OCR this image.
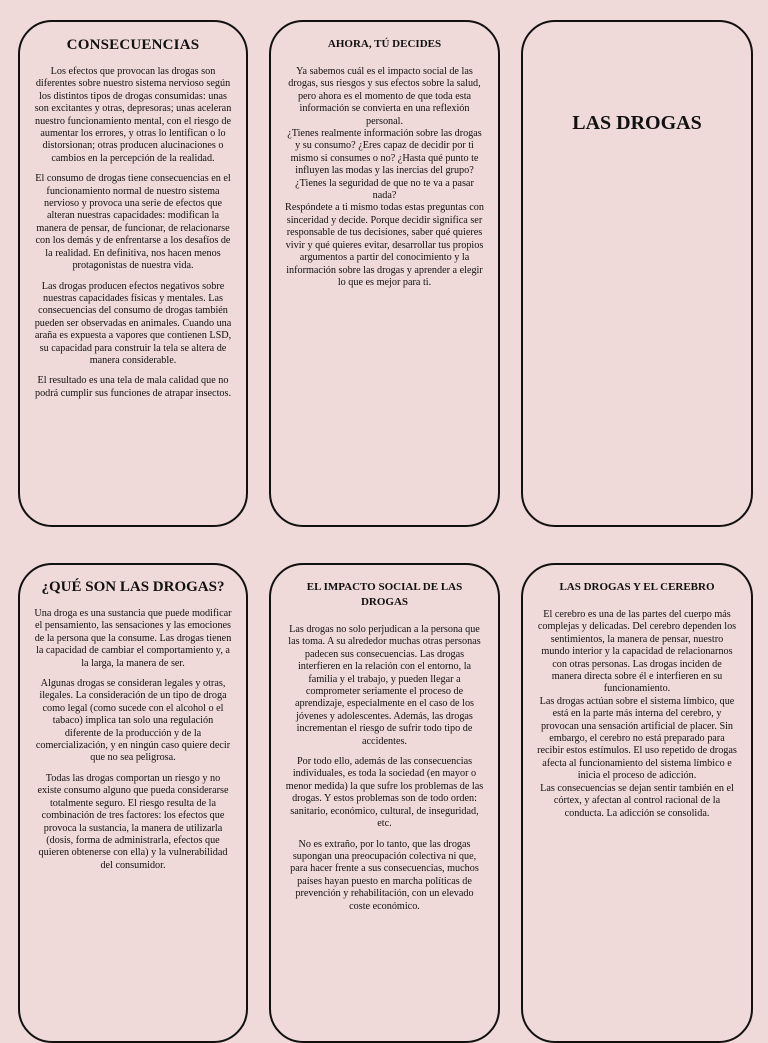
CONSECUENCIAS

Los efectos que provocan las drogas son diferentes sobre nuestro sistema nervioso según los distintos tipos de drogas consumidas: unas son excitantes y otras, depresoras; unas aceleran nuestro funcionamiento mental, con el riesgo de aumentar los errores, y otras lo lentifican o lo distorsionan; otras producen alucinaciones o cambios en la percepción de la realidad.

El consumo de drogas tiene consecuencias en el funcionamiento normal de nuestro sistema nervioso y provoca una serie de efectos que alteran nuestras capacidades: modifican la manera de pensar, de funcionar, de relacionarse con los demás y de enfrentarse a los desafíos de la realidad. En definitiva, nos hacen menos protagonistas de nuestra vida.

Las drogas producen efectos negativos sobre nuestras capacidades físicas y mentales. Las consecuencias del consumo de drogas también pueden ser observadas en animales. Cuando una araña es expuesta a vapores que contienen LSD, su capacidad para construir la tela se altera de manera considerable.

El resultado es una tela de mala calidad que no podrá cumplir sus funciones de atrapar insectos.

AHORA, TÚ DECIDES

Ya sabemos cuál es el impacto social de las drogas, sus riesgos y sus efectos sobre la salud, pero ahora es el momento de que toda esta información se convierta en una reflexión personal.
¿Tienes realmente información sobre las drogas y su consumo? ¿Eres capaz de decidir por ti mismo si consumes o no? ¿Hasta qué punto te influyen las modas y las inercias del grupo? ¿Tienes la seguridad de que no te va a pasar nada?
Respóndete a ti mismo todas estas preguntas con sinceridad y decide. Porque decidir significa ser responsable de tus decisiones, saber qué quieres vivir y qué quieres evitar, desarrollar tus propios argumentos a partir del conocimiento y la información sobre las drogas y aprender a elegir lo que es mejor para ti.

LAS DROGAS
¿QUÉ SON LAS DROGAS?

Una droga es una sustancia que puede modificar el pensamiento, las sensaciones y las emociones de la persona que la consume. Las drogas tienen la capacidad de cambiar el comportamiento y, a la larga, la manera de ser.

Algunas drogas se consideran legales y otras, ilegales. La consideración de un tipo de droga como legal (como sucede con el alcohol o el tabaco) implica tan solo una regulación diferente de la producción y de la comercialización, y en ningún caso quiere decir que no sea peligrosa.

Todas las drogas comportan un riesgo y no existe consumo alguno que pueda considerarse totalmente seguro. El riesgo resulta de la combinación de tres factores: los efectos que provoca la sustancia, la manera de utilizarla (dosis, forma de administrarla, efectos que quieren obtenerse con ella) y la vulnerabilidad del consumidor.

EL IMPACTO SOCIAL DE LAS DROGAS

Las drogas no solo perjudican a la persona que las toma. A su alrededor muchas otras personas padecen sus consecuencias. Las drogas interfieren en la relación con el entorno, la familia y el trabajo, y pueden llegar a comprometer seriamente el proceso de aprendizaje, especialmente en el caso de los jóvenes y adolescentes. Además, las drogas incrementan el riesgo de sufrir todo tipo de accidentes.

Por todo ello, además de las consecuencias individuales, es toda la sociedad (en mayor o menor medida) la que sufre los problemas de las drogas. Y estos problemas son de todo orden: sanitario, económico, cultural, de inseguridad, etc.

No es extraño, por lo tanto, que las drogas supongan una preocupación colectiva ni que, para hacer frente a sus consecuencias, muchos países hayan puesto en marcha políticas de prevención y rehabilitación, con un elevado coste económico.

LAS DROGAS Y EL CEREBRO

El cerebro es una de las partes del cuerpo más complejas y delicadas. Del cerebro dependen los sentimientos, la manera de pensar, nuestro mundo interior y la capacidad de relacionarnos con otras personas. Las drogas inciden de manera directa sobre él e interfieren en su funcionamiento.
Las drogas actúan sobre el sistema límbico, que está en la parte más interna del cerebro, y provocan una sensación artificial de placer. Sin embargo, el cerebro no está preparado para recibir estos estímulos. El uso repetido de drogas afecta al funcionamiento del sistema límbico e inicia el proceso de adicción.
Las consecuencias se dejan sentir también en el córtex, y afectan al control racional de la conducta. La adicción se consolida.
